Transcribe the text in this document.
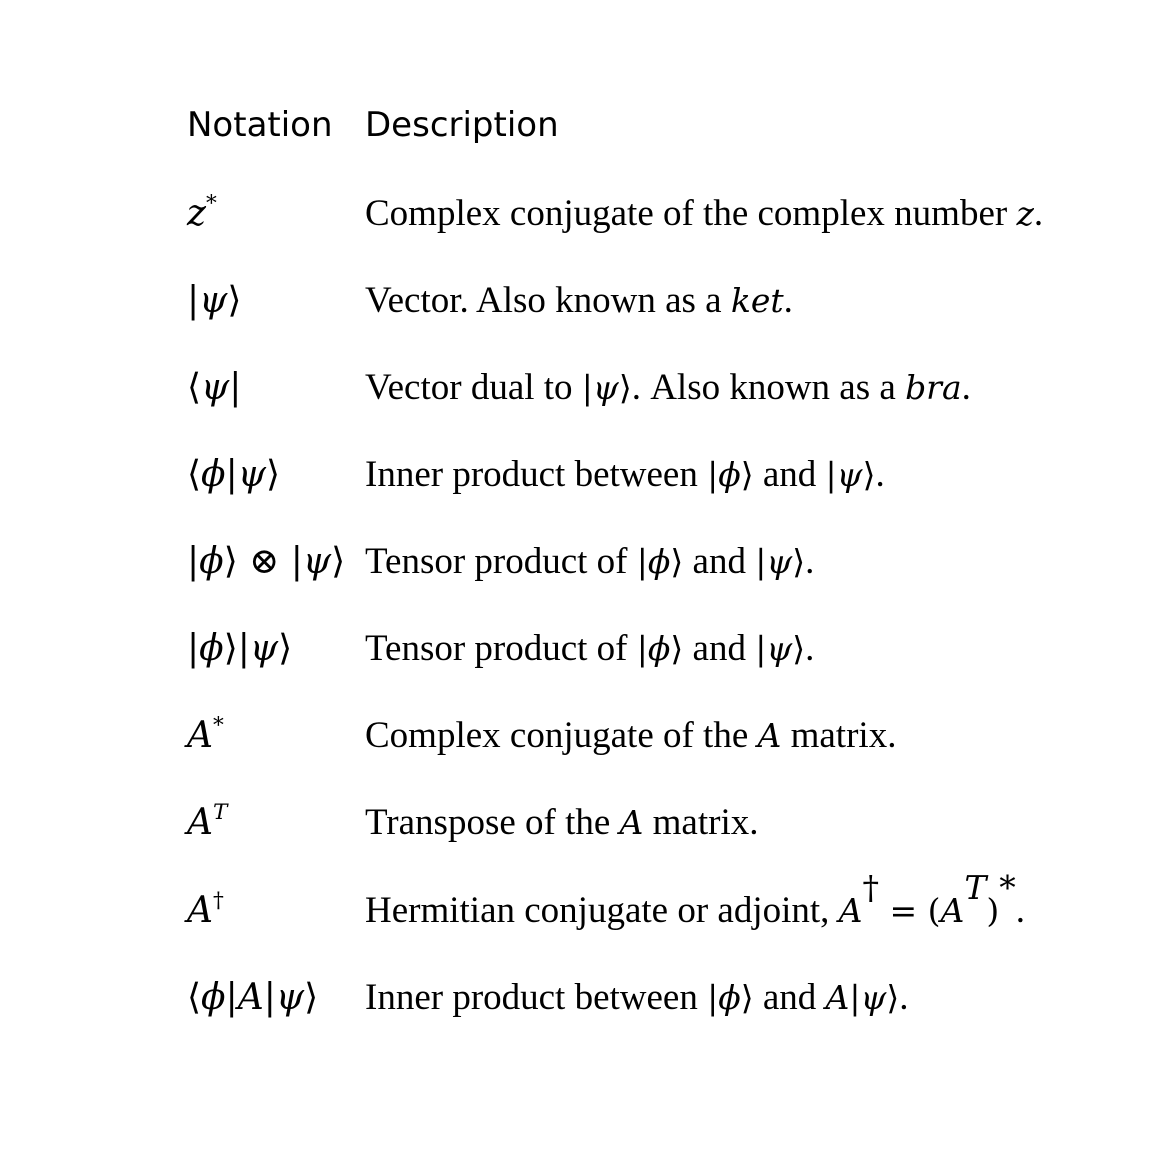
Notation Description
z*	Complex conjugate of the complex number z.
|ψ⟩	Vector. Also known as a ket.
⟨ψ|	Vector dual to |ψ⟩. Also known as a bra.
⟨ϕ|ψ⟩ Inner product between |ϕ⟩ and |ψ⟩.
|ϕ⟩ ⊗ |ψ⟩ Tensor product of |ϕ⟩ and |ψ⟩.
|ϕ⟩|ψ⟩ Tensor product of |ϕ⟩ and |ψ⟩.
A*	Complex conjugate of the A matrix.
$A^T$	Transpose of the A matrix.
A†	Hermitian conjugate or adjoint, $A^\dagger = (A^T)^*$.
⟨ϕ|A|ψ⟩ Inner product between |ϕ⟩ and A|ψ⟩.
